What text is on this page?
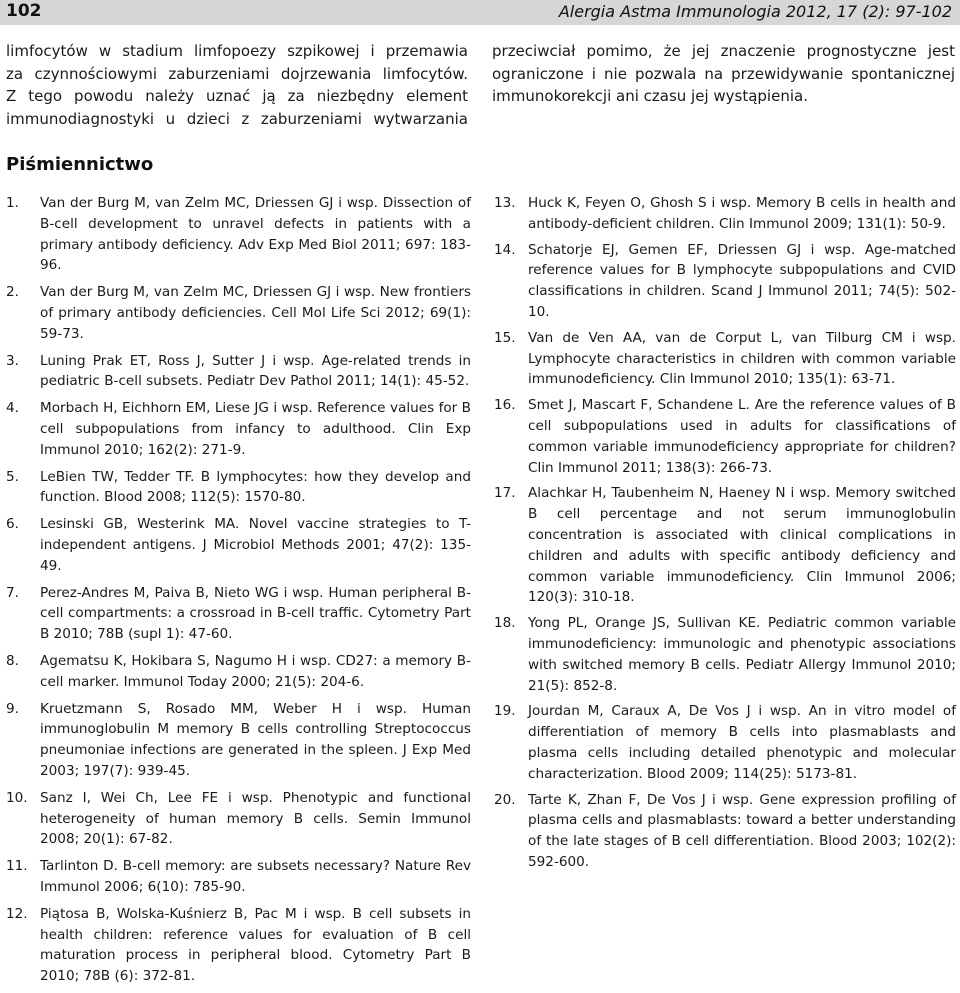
102	Alergia Astma Immunologia 2012, 17 (2): 97-102
limfocytów w stadium limfopoezy szpikowej i przemawia
za czynnościowymi zaburzeniami dojrzewania limfocytów.
Z tego powodu należy uznać ją za niezbędny element
immunodiagnostyki u dzieci z zaburzeniami wytwarzania
przeciwciał pomimo, że jej znaczenie prognostyczne jest
ograniczone i nie pozwala na przewidywanie spontanicznej
immunokorekcji ani czasu jej wystąpienia.
Piśmiennictwo
1. Van der Burg M, van Zelm MC, Driessen GJ i wsp. Dissection of B-cell development to unravel defects in patients with a primary antibody deficiency. Adv Exp Med Biol 2011; 697: 183-96.
2. Van der Burg M, van Zelm MC, Driessen GJ i wsp. New frontiers of primary antibody deficiencies. Cell Mol Life Sci 2012; 69(1): 59-73.
3. Luning Prak ET, Ross J, Sutter J i wsp. Age-related trends in pediatric B-cell subsets. Pediatr Dev Pathol 2011; 14(1): 45-52.
4. Morbach H, Eichhorn EM, Liese JG i wsp. Reference values for B cell subpopulations from infancy to adulthood. Clin Exp Immunol 2010; 162(2): 271-9.
5. LeBien TW, Tedder TF. B lymphocytes: how they develop and function. Blood 2008; 112(5): 1570-80.
6. Lesinski GB, Westerink MA. Novel vaccine strategies to T-independent antigens. J Microbiol Methods 2001; 47(2): 135-49.
7. Perez-Andres M, Paiva B, Nieto WG i wsp. Human peripheral B-cell compartments: a crossroad in B-cell traffic. Cytometry Part B 2010; 78B (supl 1): 47-60.
8. Agematsu K, Hokibara S, Nagumo H i wsp. CD27: a memory B-cell marker. Immunol Today 2000; 21(5): 204-6.
9. Kruetzmann S, Rosado MM, Weber H i wsp. Human immunoglobulin M memory B cells controlling Streptococcus pneumoniae infections are generated in the spleen. J Exp Med 2003; 197(7): 939-45.
10. Sanz I, Wei Ch, Lee FE i wsp. Phenotypic and functional heterogeneity of human memory B cells. Semin Immunol 2008; 20(1): 67-82.
11. Tarlinton D. B-cell memory: are subsets necessary? Nature Rev Immunol 2006; 6(10): 785-90.
12. Piątosa B, Wolska-Kuśnierz B, Pac M i wsp. B cell subsets in health children: reference values for evaluation of B cell maturation process in peripheral blood. Cytometry Part B 2010; 78B (6): 372-81.
13. Huck K, Feyen O, Ghosh S i wsp. Memory B cells in health and antibody-deficient children. Clin Immunol 2009; 131(1): 50-9.
14. Schatorje EJ, Gemen EF, Driessen GJ i wsp. Age-matched reference values for B lymphocyte subpopulations and CVID classifications in children. Scand J Immunol 2011; 74(5): 502-10.
15. Van de Ven AA, van de Corput L, van Tilburg CM i wsp. Lymphocyte characteristics in children with common variable immunodeficiency. Clin Immunol 2010; 135(1): 63-71.
16. Smet J, Mascart F, Schandene L. Are the reference values of B cell subpopulations used in adults for classifications of common variable immunodeficiency appropriate for children? Clin Immunol 2011; 138(3): 266-73.
17. Alachkar H, Taubenheim N, Haeney N i wsp. Memory switched B cell percentage and not serum immunoglobulin concentration is associated with clinical complications in children and adults with specific antibody deficiency and common variable immunodeficiency. Clin Immunol 2006; 120(3): 310-18.
18. Yong PL, Orange JS, Sullivan KE. Pediatric common variable immunodeficiency: immunologic and phenotypic associations with switched memory B cells. Pediatr Allergy Immunol 2010; 21(5): 852-8.
19. Jourdan M, Caraux A, De Vos J i wsp. An in vitro model of differentiation of memory B cells into plasmablasts and plasma cells including detailed phenotypic and molecular characterization. Blood 2009; 114(25): 5173-81.
20. Tarte K, Zhan F, De Vos J i wsp. Gene expression profiling of plasma cells and plasmablasts: toward a better understanding of the late stages of B cell differentiation. Blood 2003; 102(2): 592-600.
